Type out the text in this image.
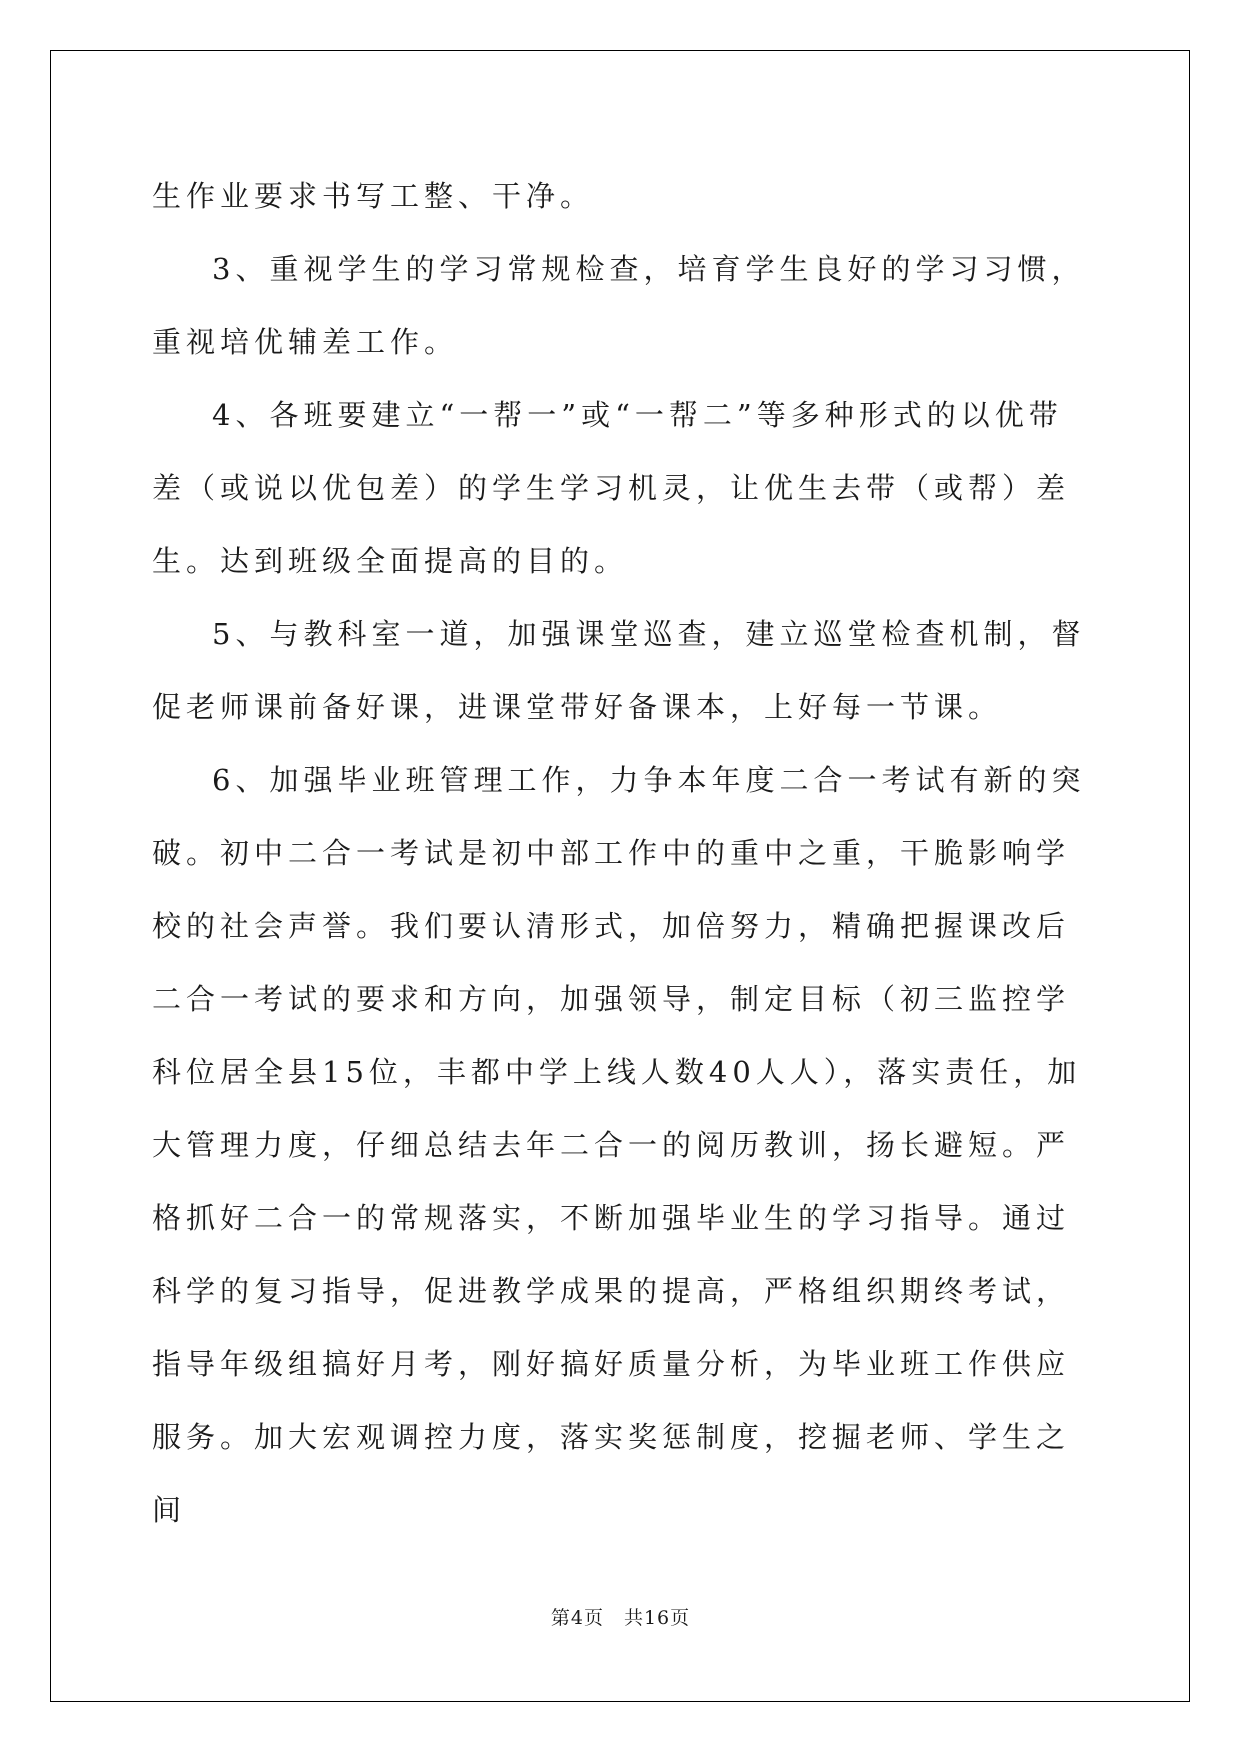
生作业要求书写工整、干净。

3、重视学生的学习常规检查，培育学生良好的学习习惯，重视培优辅差工作。

4、各班要建立“一帮一”或“一帮二”等多种形式的以优带差（或说以优包差）的学生学习机灵，让优生去带（或帮）差生。达到班级全面提高的目的。

5、与教科室一道，加强课堂巡查，建立巡堂检查机制，督促老师课前备好课，进课堂带好备课本，上好每一节课。

6、加强毕业班管理工作，力争本年度二合一考试有新的突破。初中二合一考试是初中部工作中的重中之重，干脆影响学校的社会声誉。我们要认清形式，加倍努力，精确把握课改后二合一考试的要求和方向，加强领导，制定目标（初三监控学科位居全县15位，丰都中学上线人数40人人），落实责任，加大管理力度，仔细总结去年二合一的阅历教训，扬长避短。严格抓好二合一的常规落实，不断加强毕业生的学习指导。通过科学的复习指导，促进教学成果的提高，严格组织期终考试，指导年级组搞好月考，刚好搞好质量分析，为毕业班工作供应服务。加大宏观调控力度，落实奖惩制度，挖掘老师、学生之间

第4页　共16页
